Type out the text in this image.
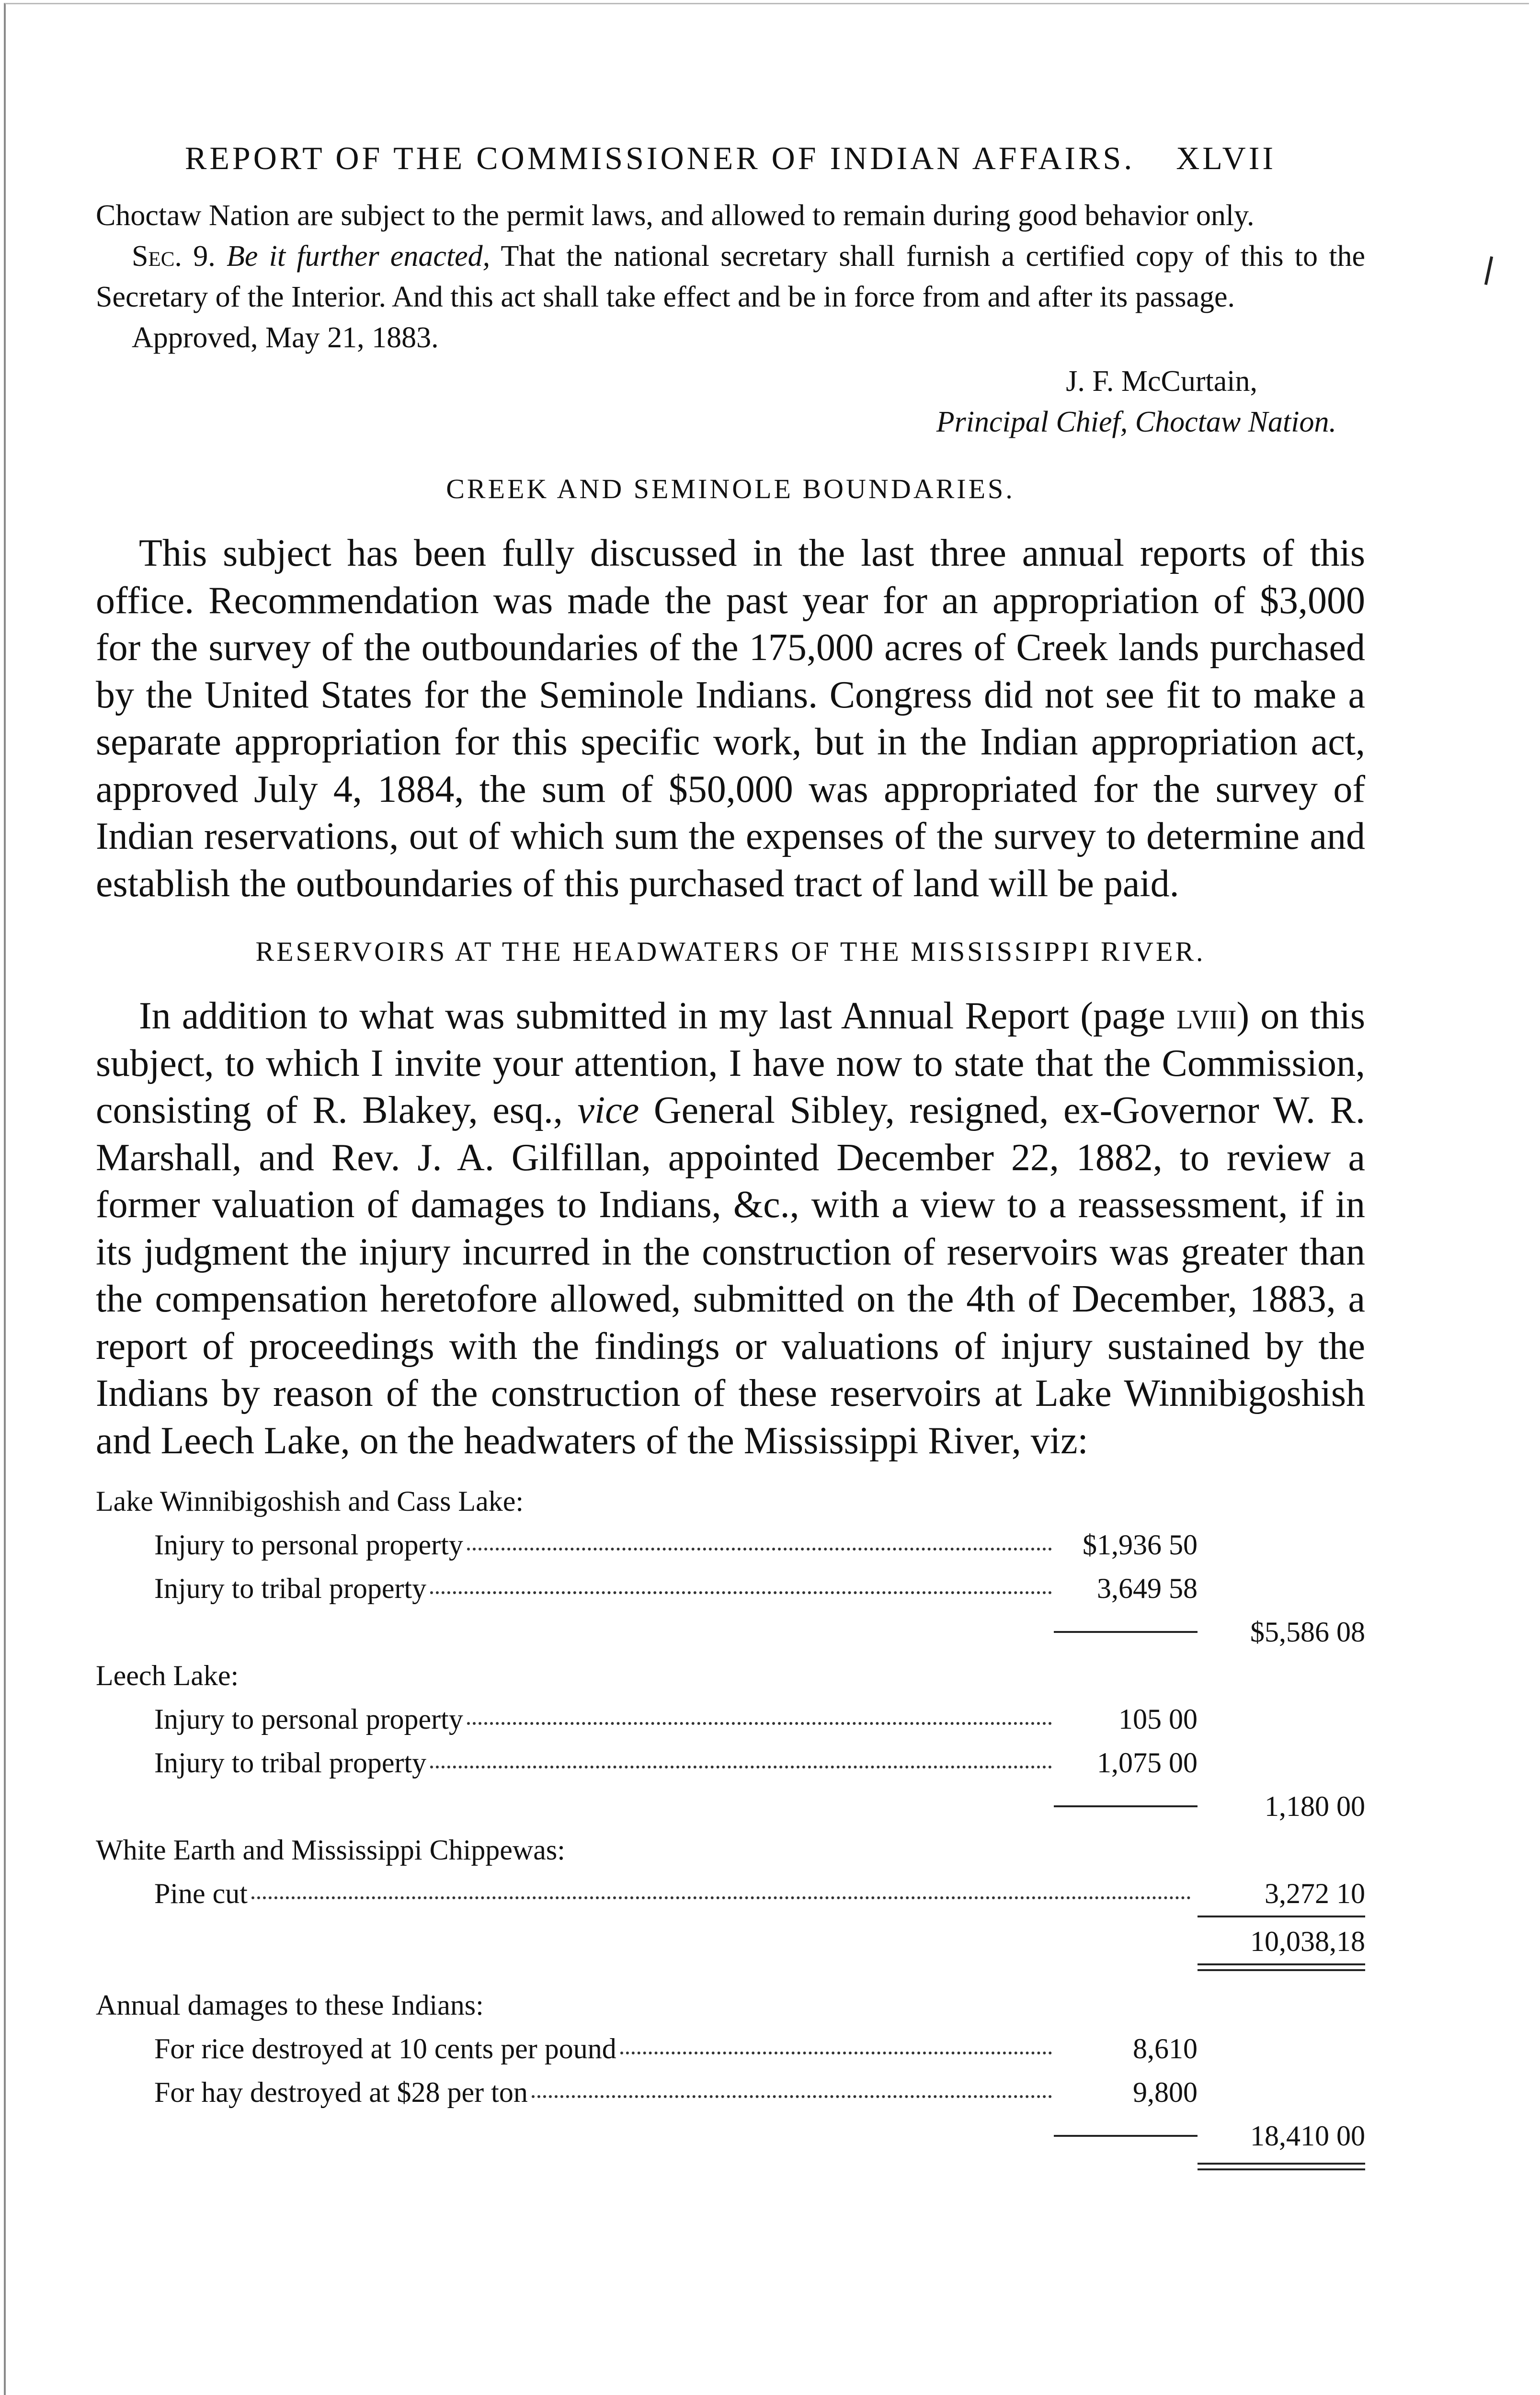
REPORT OF THE COMMISSIONER OF INDIAN AFFAIRS. XLVII

Choctaw Nation are subject to the permit laws, and allowed to remain during good behavior only.

Sec. 9. Be it further enacted, That the national secretary shall furnish a certified copy of this to the Secretary of the Interior. And this act shall take effect and be in force from and after its passage.

Approved, May 21, 1883.

J. F. McCurtain,
Principal Chief, Choctaw Nation.
CREEK AND SEMINOLE BOUNDARIES.

This subject has been fully discussed in the last three annual reports of this office. Recommendation was made the past year for an appropriation of $3,000 for the survey of the outboundaries of the 175,000 acres of Creek lands purchased by the United States for the Seminole Indians. Congress did not see fit to make a separate appropriation for this specific work, but in the Indian appropriation act, approved July 4, 1884, the sum of $50,000 was appropriated for the survey of Indian reservations, out of which sum the expenses of the survey to determine and establish the outboundaries of this purchased tract of land will be paid.

RESERVOIRS AT THE HEADWATERS OF THE MISSISSIPPI RIVER.

In addition to what was submitted in my last Annual Report (page lviii) on this subject, to which I invite your attention, I have now to state that the Commission, consisting of R. Blakey, esq., vice General Sibley, resigned, ex-Governor W. R. Marshall, and Rev. J. A. Gilfillan, appointed December 22, 1882, to review a former valuation of damages to Indians, &c., with a view to a reassessment, if in its judgment the injury incurred in the construction of reservoirs was greater than the compensation heretofore allowed, submitted on the 4th of December, 1883, a report of proceedings with the findings or valuations of injury sustained by the Indians by reason of the construction of these reservoirs at Lake Winnibigoshish and Leech Lake, on the headwaters of the Mississippi River, viz:

Lake Winnibigoshish and Cass Lake:
Injury to personal property	$1,936 50
Injury to tribal property	3,649 58
$5,586 08
Leech Lake:
Injury to personal property	105 00
Injury to tribal property	1,075 00
1,180 00
White Earth and Mississippi Chippewas:
Pine cut	3,272 10
10,038,18
Annual damages to these Indians:
For rice destroyed at 10 cents per pound	8,610
For hay destroyed at $28 per ton	9,800
18,410 00
